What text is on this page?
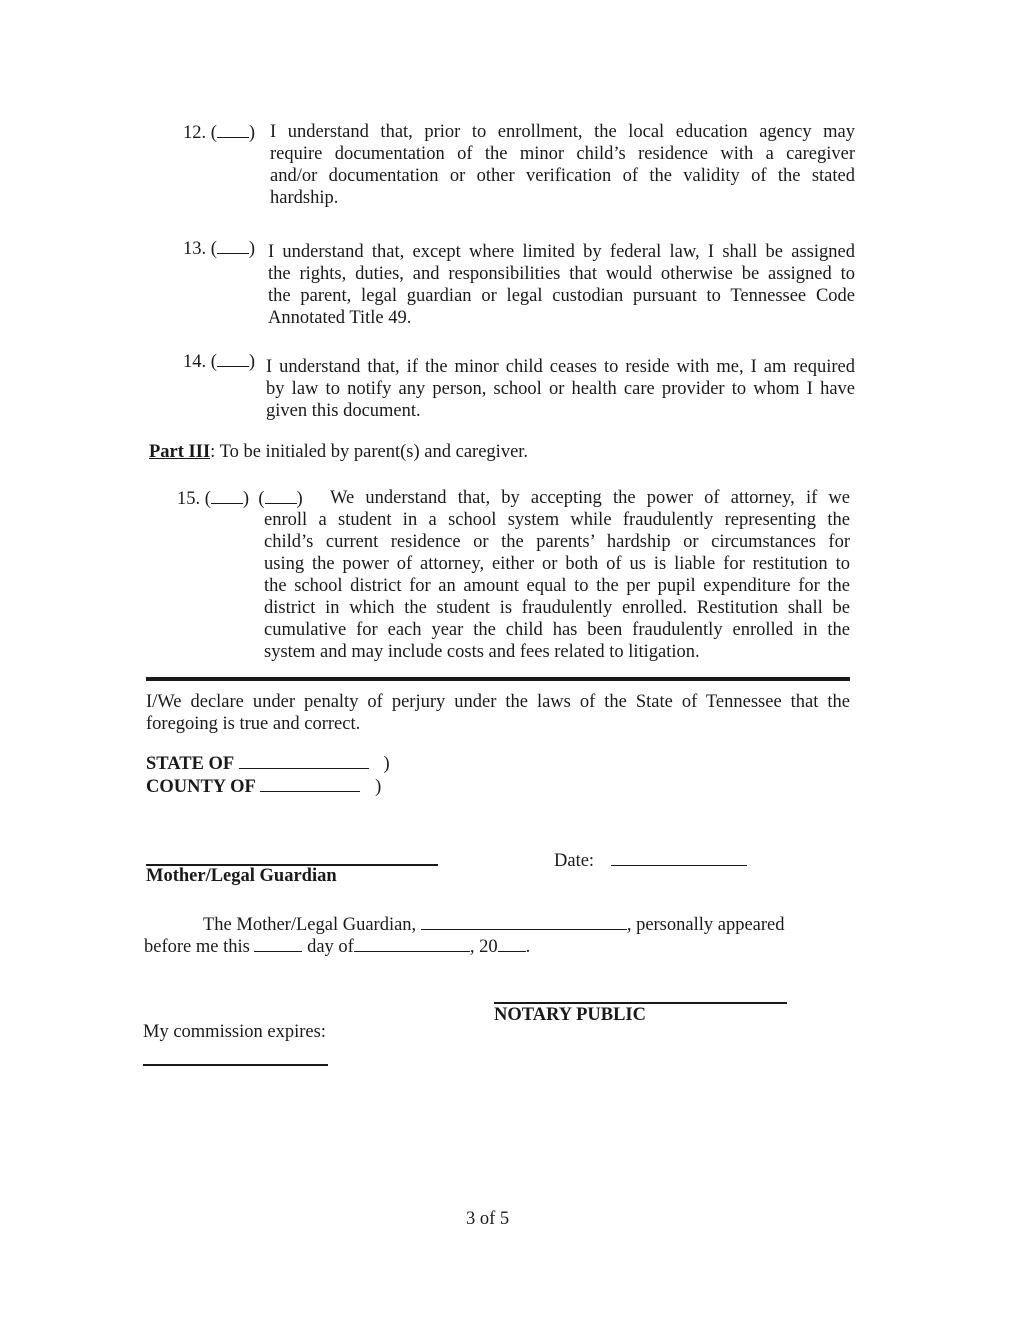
12. ( ) I understand that, prior to enrollment, the local education agency may

require documentation of the minor child’s residence with a caregiver

and/or documentation or other verification of the validity of the stated

hardship.

13. ( ) I understand that, except where limited by federal law, I shall be assigned

the rights, duties, and responsibilities that would otherwise be assigned to

the parent, legal guardian or legal custodian pursuant to Tennessee Code

Annotated Title 49.

14. ( ) I understand that, if the minor child ceases to reside with me, I am required

by law to notify any person, school or health care provider to whom I have

given this document.

Part III: To be initialed by parent(s) and caregiver.
15. ( )  ( )	We understand that, by accepting the power of attorney, if we

enroll a student in a school system while fraudulently representing the

child’s current residence or the parents’ hardship or circumstances for

using the power of attorney, either or both of us is liable for restitution to

the school district for an amount equal to the per pupil expenditure for the

district in which the student is fraudulently enrolled. Restitution shall be

cumulative for each year the child has been fraudulently enrolled in the

system and may include costs and fees related to litigation.

I/We declare under penalty of perjury under the laws of the State of Tennessee that the

foregoing is true and correct.

STATE OF	)
COUNTY OF	)
Mother/Legal Guardian
Date:
The Mother/Legal Guardian,	, personally appeared
before me this	day of	, 20 .
NOTARY PUBLIC
My commission expires:
3 of 5
